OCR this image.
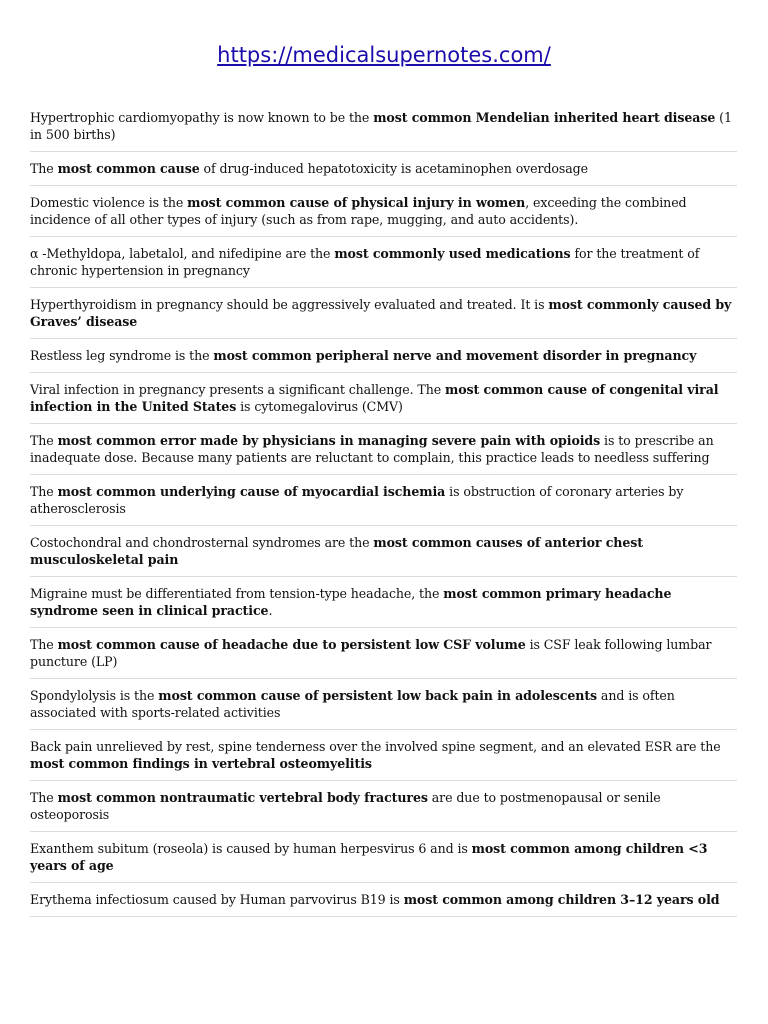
https://medicalsupernotes.com/
Hypertrophic cardiomyopathy is now known to be the most common Mendelian inherited heart disease (1 in 500 births)
The most common cause of drug-induced hepatotoxicity is acetaminophen overdosage
Domestic violence is the most common cause of physical injury in women, exceeding the combined incidence of all other types of injury (such as from rape, mugging, and auto accidents).
α -Methyldopa, labetalol, and nifedipine are the most commonly used medications for the treatment of chronic hypertension in pregnancy
Hyperthyroidism in pregnancy should be aggressively evaluated and treated. It is most commonly caused by Graves’ disease
Restless leg syndrome is the most common peripheral nerve and movement disorder in pregnancy
Viral infection in pregnancy presents a significant challenge. The most common cause of congenital viral infection in the United States is cytomegalovirus (CMV)
The most common error made by physicians in managing severe pain with opioids is to prescribe an inadequate dose. Because many patients are reluctant to complain, this practice leads to needless suffering
The most common underlying cause of myocardial ischemia is obstruction of coronary arteries by atherosclerosis
Costochondral and chondrosternal syndromes are the most common causes of anterior chest musculoskeletal pain
Migraine must be differentiated from tension-type headache, the most common primary headache syndrome seen in clinical practice.
The most common cause of headache due to persistent low CSF volume is CSF leak following lumbar puncture (LP)
Spondylolysis is the most common cause of persistent low back pain in adolescents and is often associated with sports-related activities
Back pain unrelieved by rest, spine tenderness over the involved spine segment, and an elevated ESR are the most common findings in vertebral osteomyelitis
The most common nontraumatic vertebral body fractures are due to postmenopausal or senile osteoporosis
Exanthem subitum (roseola) is caused by human herpesvirus 6 and is most common among children <3 years of age
Erythema infectiosum caused by Human parvovirus B19 is most common among children 3–12 years old
